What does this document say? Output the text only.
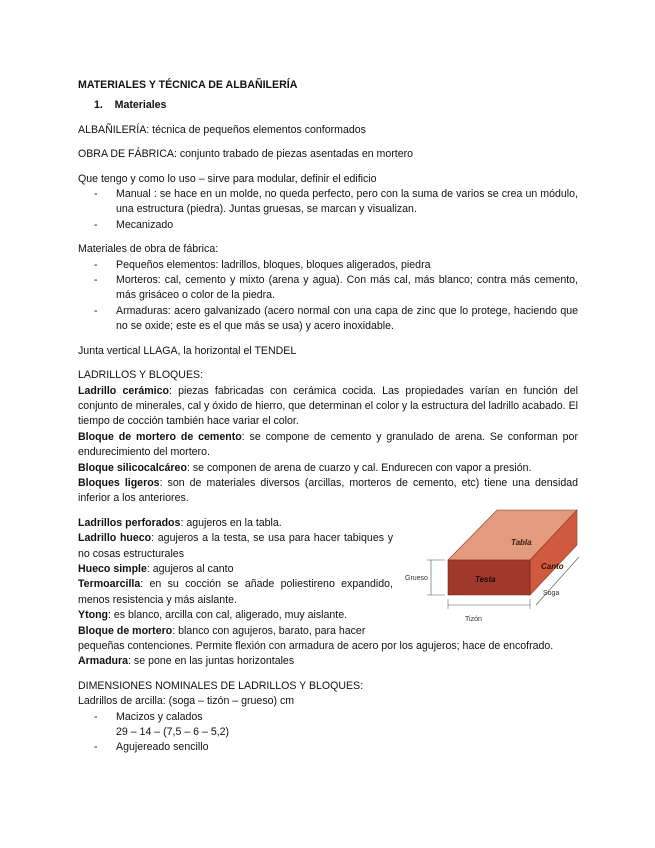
MATERIALES Y TÉCNICA DE ALBAÑILERÍA

1. Materiales

ALBAÑILERÍA: técnica de pequeños elementos conformados

OBRA DE FÁBRICA: conjunto trabado de piezas asentadas en mortero

Que tengo y como lo uso – sirve para modular, definir el edificio

- Manual : se hace en un molde, no queda perfecto, pero con la suma de varios se crea un módulo, una estructura (piedra). Juntas gruesas, se marcan y visualizan.
- Mecanizado

Materiales de obra de fábrica:

- Pequeños elementos: ladrillos, bloques, bloques aligerados, piedra
- Morteros: cal, cemento y mixto (arena y agua). Con más cal, más blanco; contra más cemento, más grisáceo o color de la piedra.
- Armaduras: acero galvanizado (acero normal con una capa de zinc que lo protege, haciendo que no se oxide; este es el que más se usa) y acero inoxidable.

Junta vertical LLAGA, la horizontal el TENDEL

LADRILLOS Y BLOQUES:

Ladrillo cerámico: piezas fabricadas con cerámica cocida. Las propiedades varían en función del conjunto de minerales, cal y óxido de hierro, que determinan el color y la estructura del ladrillo acabado. El tiempo de cocción también hace variar el color.

Bloque de mortero de cemento: se compone de cemento y granulado de arena. Se conforman por endurecimiento del mortero.

Bloque silicocalcáreo: se componen de arena de cuarzo y cal. Endurecen con vapor a presión.

Bloques ligeros: son de materiales diversos (arcillas, morteros de cemento, etc) tiene una densidad inferior a los anteriores.

Ladrillos perforados: agujeros en la tabla.

Ladrillo hueco: agujeros a la testa, se usa para hacer tabiques y no cosas estructurales

Hueco simple: agujeros al canto

Termoarcilla: en su cocción se añade poliestireno expandido, menos resistencia y más aislante.

Ytong: es blanco, arcilla con cal, aligerado, muy aislante.

Bloque de mortero: blanco con agujeros, barato, para hacer

pequeñas contenciones. Permite flexión con armadura de acero por los agujeros; hace de encofrado.

Armadura: se pone en las juntas horizontales

DIMENSIONES NOMINALES DE LADRILLOS Y BLOQUES:

Ladrillos de arcilla: (soga – tizón – grueso) cm

- Macizos y calados
29 – 14 – (7,5 – 6 – 5,2)
- Agujereado sencillo
Tabla
Canto
Testa
Grueso
Soga
Tizón
